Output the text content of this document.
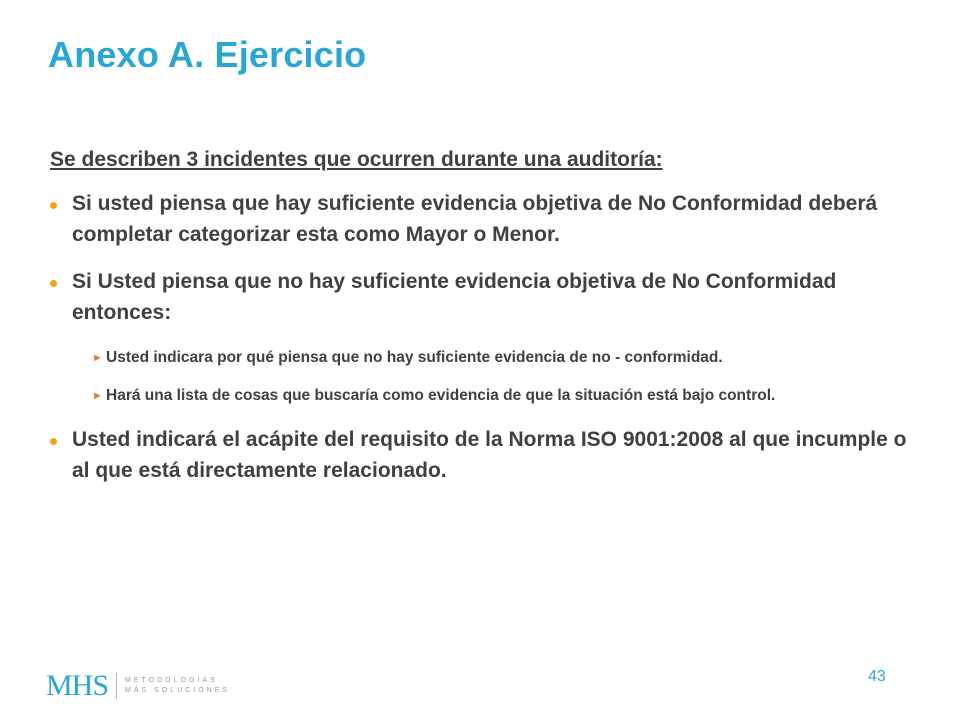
Anexo A. Ejercicio

Se describen 3 incidentes que ocurren durante una auditoría:

Si usted piensa que hay suficiente evidencia objetiva de No Conformidad deberá completar categorizar esta como Mayor o Menor.
Si Usted piensa que no hay suficiente evidencia objetiva de No Conformidad entonces:
► Usted indicara por qué piensa que no hay suficiente evidencia de no - conformidad.
► Hará una lista de cosas que buscaría como evidencia de que la situación está bajo control.
Usted indicará el acápite del requisito de la Norma ISO 9001:2008 al que incumple o al que está directamente relacionado.
MHS METODOLOGÍAS
MÁS SOLUCIONES
43
